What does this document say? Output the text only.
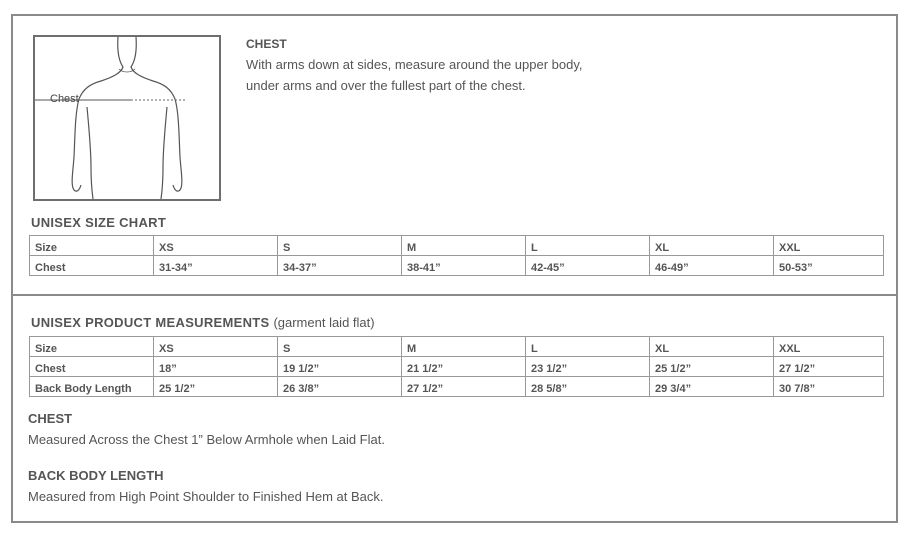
Chest
CHEST
With arms down at sides, measure around the upper body,
under arms and over the fullest part of the chest.
UNISEX SIZE CHART
Size	XS	S	M	L	XL	XXL
Chest	31-34”	34-37”	38-41”	42-45”	46-49”	50-53”
UNISEX PRODUCT MEASUREMENTS (garment laid flat)
Size	XS	S	M	L	XL	XXL
Chest	18”	19 1/2”	21 1/2”	23 1/2”	25 1/2”	27 1/2”
Back Body Length	25 1/2”	26 3/8”	27 1/2”	28 5/8”	29 3/4”	30 7/8”
CHEST
Measured Across the Chest 1” Below Armhole when Laid Flat.
BACK BODY LENGTH
Measured from High Point Shoulder to Finished Hem at Back.
